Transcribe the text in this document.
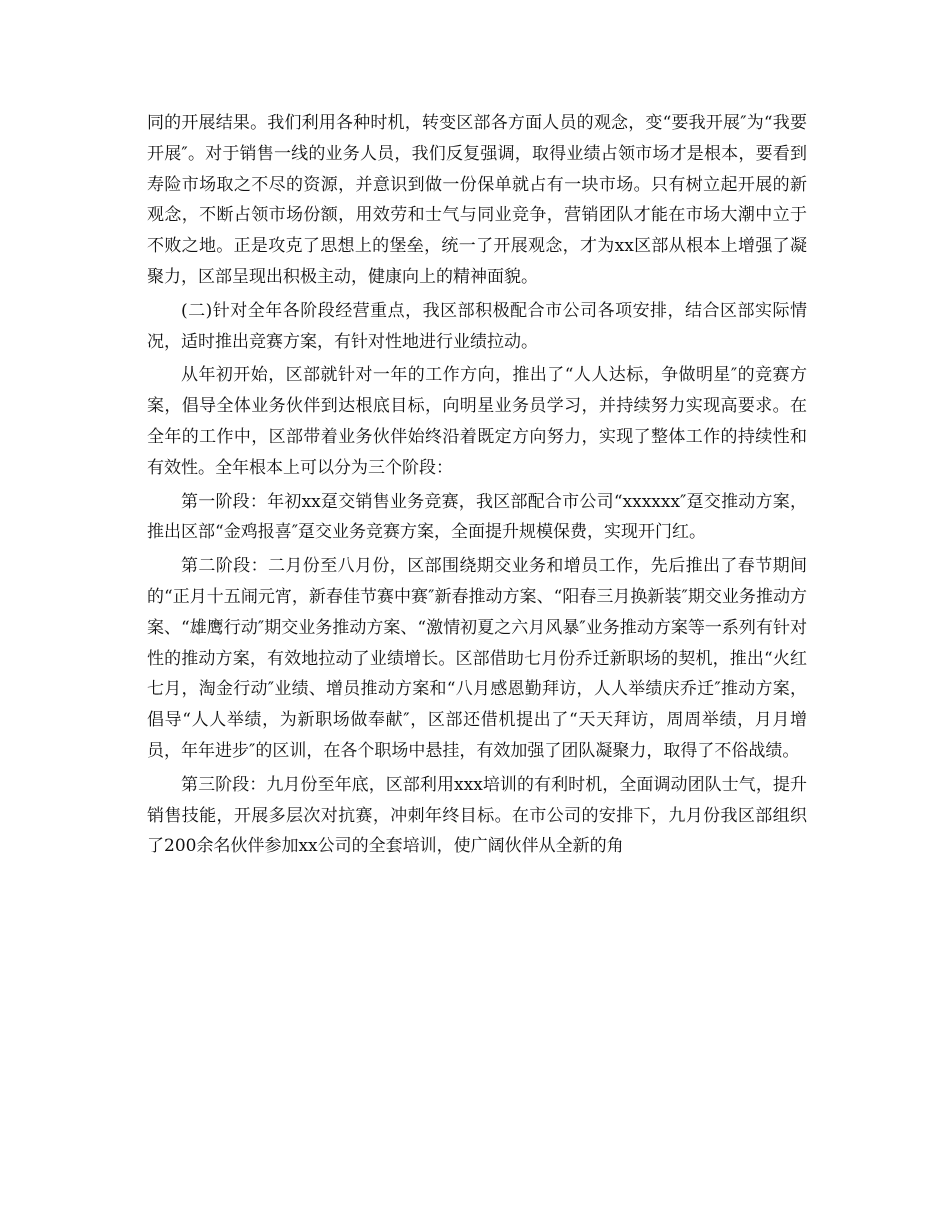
同的开展结果。我们利用各种时机，转变区部各方面人员的观念，变“要我开展″为“我要开展″。对于销售一线的业务人员，我们反复强调，取得业绩占领市场才是根本，要看到寿险市场取之不尽的资源，并意识到做一份保单就占有一块市场。只有树立起开展的新观念，不断占领市场份额，用效劳和士气与同业竞争，营销团队才能在市场大潮中立于不败之地。正是攻克了思想上的堡垒，统一了开展观念，才为xx区部从根本上增强了凝聚力，区部呈现出积极主动，健康向上的精神面貌。

(二)针对全年各阶段经营重点，我区部积极配合市公司各项安排，结合区部实际情况，适时推出竞赛方案，有针对性地进行业绩拉动。

从年初开始，区部就针对一年的工作方向，推出了“人人达标，争做明星″的竞赛方案，倡导全体业务伙伴到达根底目标，向明星业务员学习，并持续努力实现高要求。在全年的工作中，区部带着业务伙伴始终沿着既定方向努力，实现了整体工作的持续性和有效性。全年根本上可以分为三个阶段：

第一阶段：年初xx趸交销售业务竞赛，我区部配合市公司“xxxxxx″趸交推动方案，推出区部“金鸡报喜″趸交业务竞赛方案，全面提升规模保费，实现开门红。

第二阶段：二月份至八月份，区部围绕期交业务和增员工作，先后推出了春节期间的“正月十五闹元宵，新春佳节赛中赛″新春推动方案、“阳春三月换新装″期交业务推动方案、“雄鹰行动″期交业务推动方案、“激情初夏之六月风暴″业务推动方案等一系列有针对性的推动方案，有效地拉动了业绩增长。区部借助七月份乔迁新职场的契机，推出“火红七月，淘金行动″业绩、增员推动方案和“八月感恩勤拜访，人人举绩庆乔迁″推动方案，倡导“人人举绩，为新职场做奉献″，区部还借机提出了“天天拜访，周周举绩，月月增员，年年进步″的区训，在各个职场中悬挂，有效加强了团队凝聚力，取得了不俗战绩。

第三阶段：九月份至年底，区部利用xxx培训的有利时机，全面调动团队士气，提升销售技能，开展多层次对抗赛，冲刺年终目标。在市公司的安排下，九月份我区部组织了200余名伙伴参加xx公司的全套培训，使广阔伙伴从全新的角
